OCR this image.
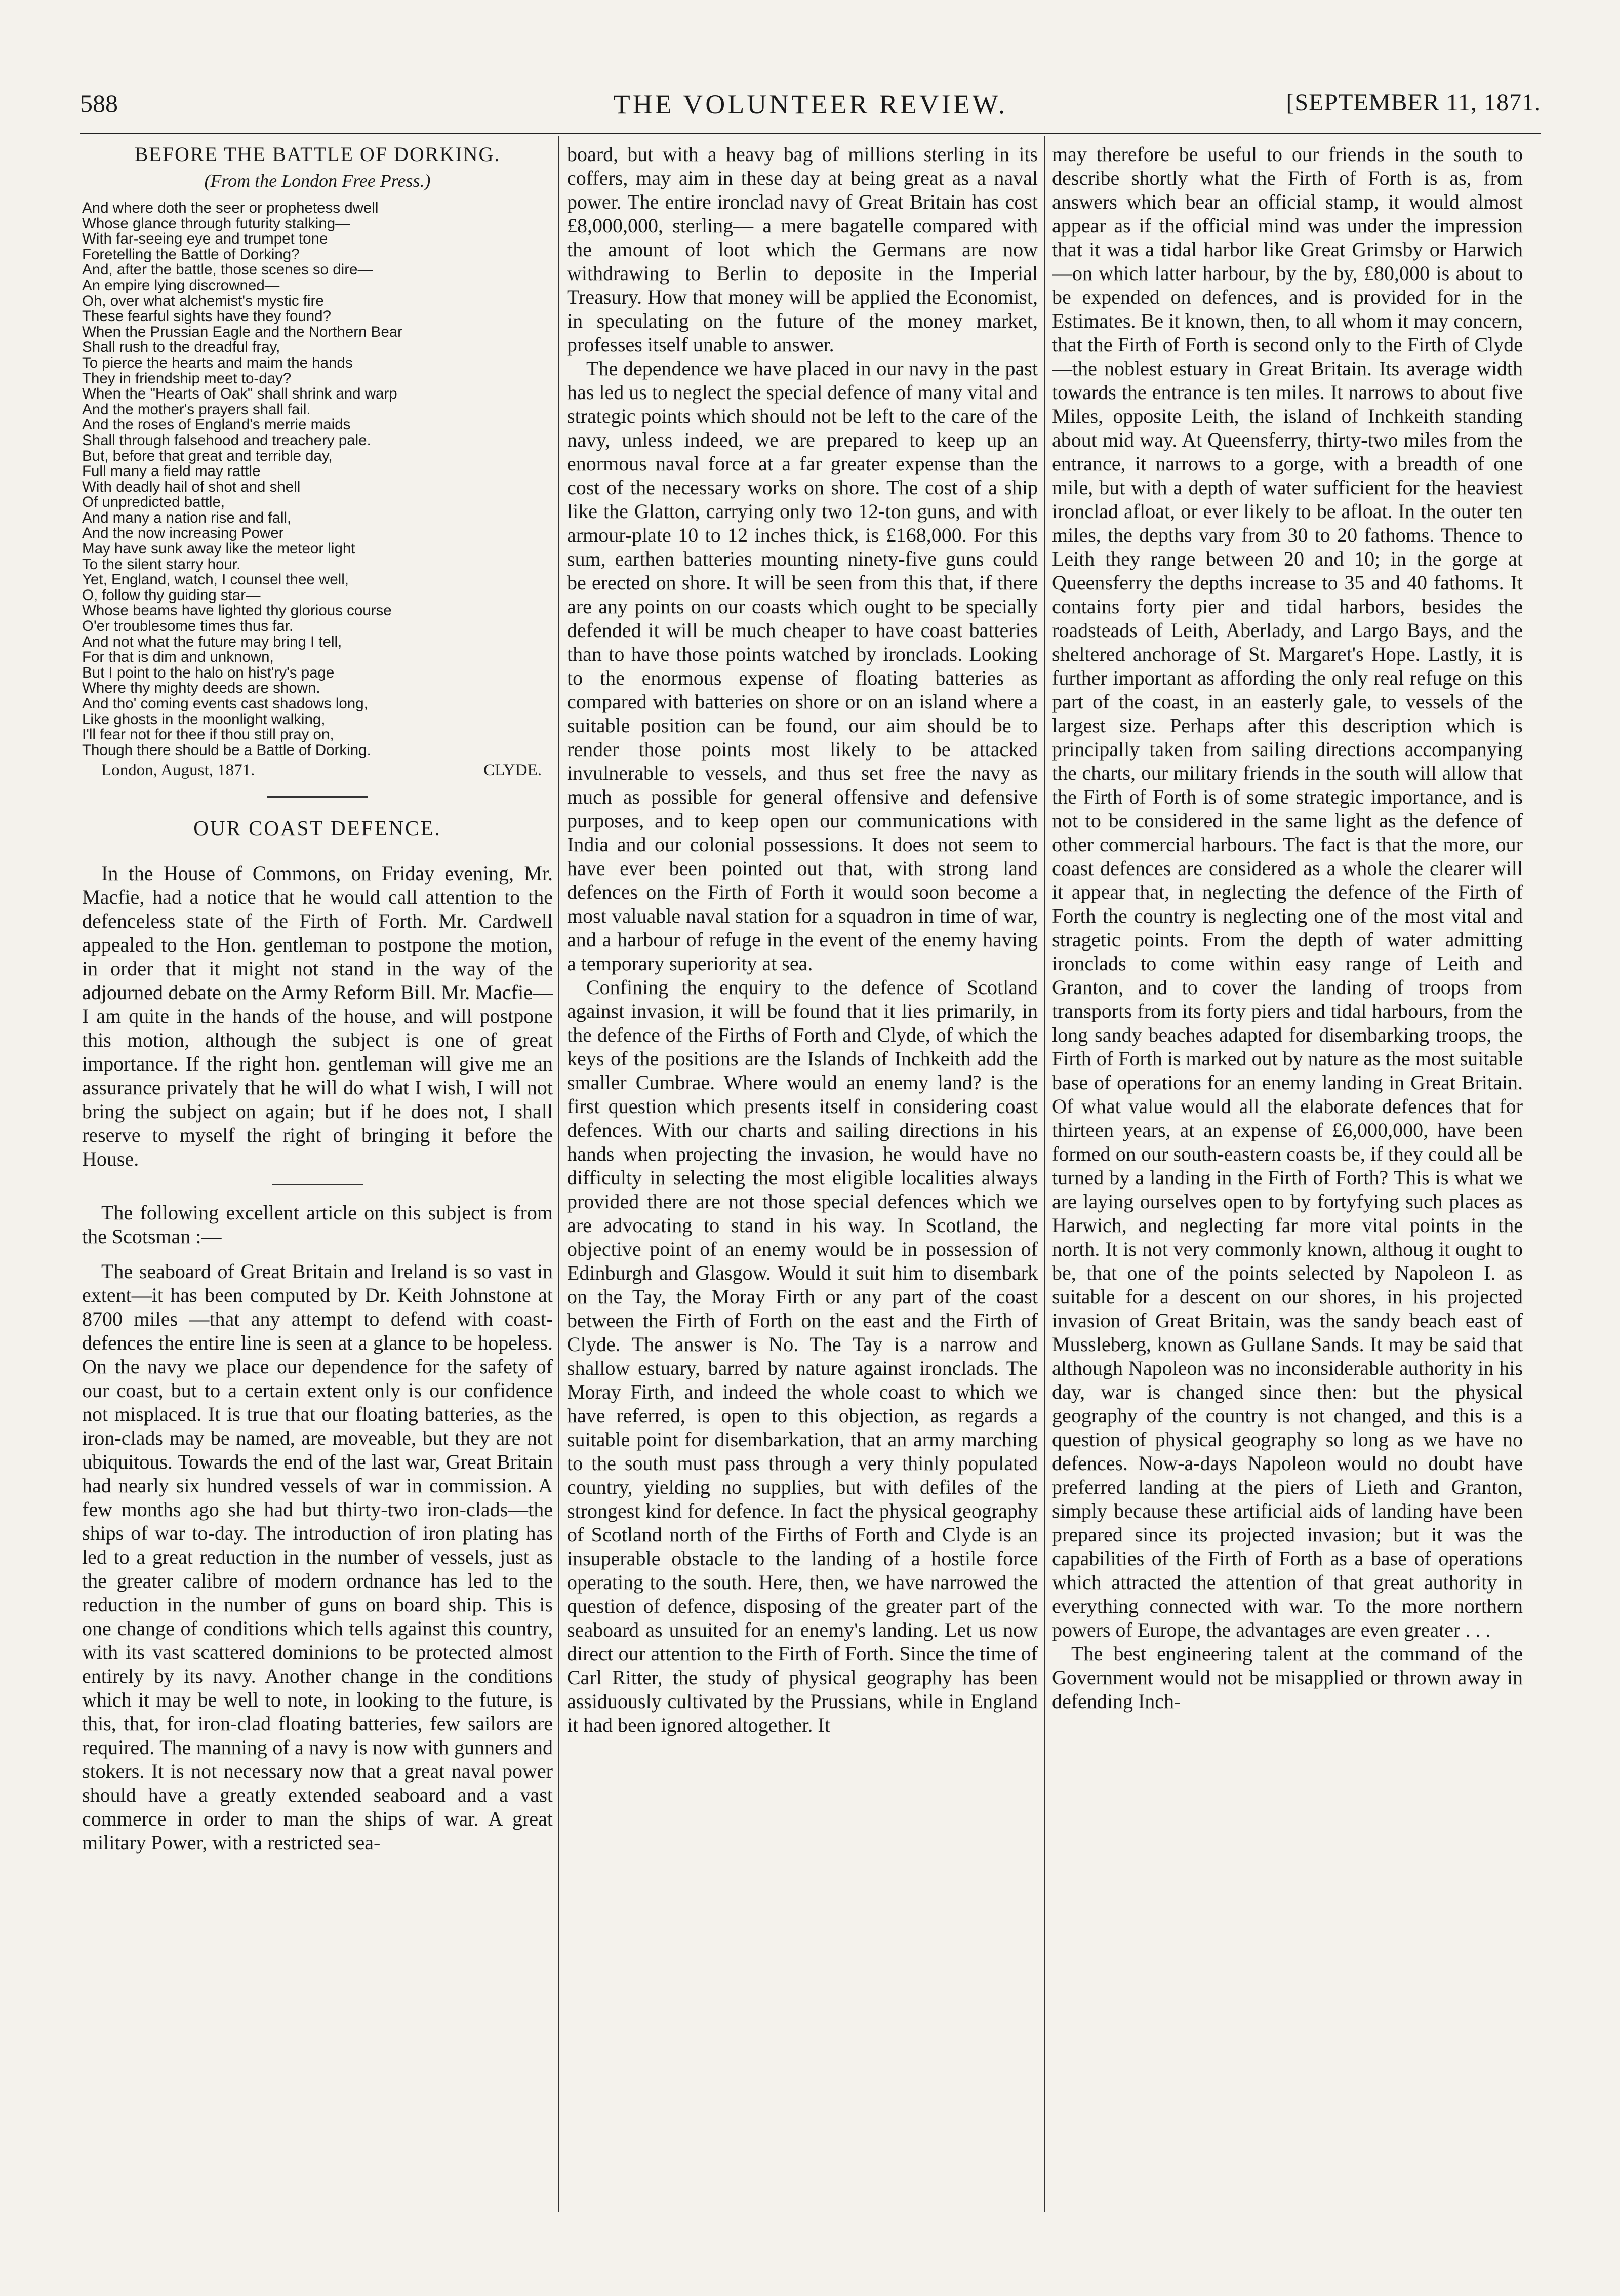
588	THE VOLUNTEER REVIEW.	[SEPTEMBER 11, 1871.
BEFORE THE BATTLE OF DORKING.
(From the London Free Press.)
And where doth the seer or prophetess dwell
Whose glance through futurity stalking—
With far-seeing eye and trumpet tone
Foretelling the Battle of Dorking?
And, after the battle, those scenes so dire—
An empire lying discrowned—
Oh, over what alchemist's mystic fire
These fearful sights have they found?
When the Prussian Eagle and the Northern Bear
Shall rush to the dreadful fray,
To pierce the hearts and maim the hands
They in friendship meet to-day?
When the "Hearts of Oak" shall shrink and warp
And the mother's prayers shall fail.
And the roses of England's merrie maids
Shall through falsehood and treachery pale.
But, before that great and terrible day,
Full many a field may rattle
With deadly hail of shot and shell
Of unpredicted battle,
And many a nation rise and fall,
And the now increasing Power
May have sunk away like the meteor light
To the silent starry hour.
Yet, England, watch, I counsel thee well,
O, follow thy guiding star—
Whose beams have lighted thy glorious course
O'er troublesome times thus far.
And not what the future may bring I tell,
For that is dim and unknown,
But I point to the halo on hist'ry's page
Where thy mighty deeds are shown.
And tho' coming events cast shadows long,
Like ghosts in the moonlight walking,
I'll fear not for thee if thou still pray on,
Though there should be a Battle of Dorking.
London, August, 1871.	CLYDE.
OUR COAST DEFENCE.

In the House of Commons, on Friday evening, Mr. Macfie, had a notice that he would call attention to the defenceless state of the Firth of Forth. Mr. Cardwell appealed to the Hon. gentleman to postpone the motion, in order that it might not stand in the way of the adjourned debate on the Army Reform Bill. Mr. Macfie—I am quite in the hands of the house, and will postpone this motion, although the subject is one of great importance. If the right hon. gentleman will give me an assurance privately that he will do what I wish, I will not bring the subject on again; but if he does not, I shall reserve to myself the right of bringing it before the House.

The following excellent article on this subject is from the Scotsman :—

The seaboard of Great Britain and Ireland is so vast in extent—it has been computed by Dr. Keith Johnstone at 8700 miles —that any attempt to defend with coast-defences the entire line is seen at a glance to be hopeless. On the navy we place our dependence for the safety of our coast, but to a certain extent only is our confidence not misplaced. It is true that our floating batteries, as the iron-clads may be named, are moveable, but they are not ubiquitous. Towards the end of the last war, Great Britain had nearly six hundred vessels of war in commission. A few months ago she had but thirty-two iron-clads—the ships of war to-day. The introduction of iron plating has led to a great reduction in the number of vessels, just as the greater calibre of modern ordnance has led to the reduction in the number of guns on board ship. This is one change of conditions which tells against this country, with its vast scattered dominions to be protected almost entirely by its navy. Another change in the conditions which it may be well to note, in looking to the future, is this, that, for iron-clad floating batteries, few sailors are required. The manning of a navy is now with gunners and stokers. It is not necessary now that a great naval power should have a greatly extended seaboard and a vast commerce in order to man the ships of war. A great military Power, with a restricted sea-

board, but with a heavy bag of millions sterling in its coffers, may aim in these day at being great as a naval power. The entire ironclad navy of Great Britain has cost £8,000,000, sterling— a mere bagatelle compared with the amount of loot which the Germans are now withdrawing to Berlin to deposite in the Imperial Treasury. How that money will be applied the Economist, in speculating on the future of the money market, professes itself unable to answer.

The dependence we have placed in our navy in the past has led us to neglect the special defence of many vital and strategic points which should not be left to the care of the navy, unless indeed, we are prepared to keep up an enormous naval force at a far greater expense than the cost of the necessary works on shore. The cost of a ship like the Glatton, carrying only two 12-ton guns, and with armour-plate 10 to 12 inches thick, is £168,000. For this sum, earthen batteries mounting ninety-five guns could be erected on shore. It will be seen from this that, if there are any points on our coasts which ought to be specially defended it will be much cheaper to have coast batteries than to have those points watched by ironclads. Looking to the enormous expense of floating batteries as compared with batteries on shore or on an island where a suitable position can be found, our aim should be to render those points most likely to be attacked invulnerable to vessels, and thus set free the navy as much as possible for general offensive and defensive purposes, and to keep open our communications with India and our colonial possessions. It does not seem to have ever been pointed out that, with strong land defences on the Firth of Forth it would soon become a most valuable naval station for a squadron in time of war, and a harbour of refuge in the event of the enemy having a temporary superiority at sea.

Confining the enquiry to the defence of Scotland against invasion, it will be found that it lies primarily, in the defence of the Firths of Forth and Clyde, of which the keys of the positions are the Islands of Inchkeith add the smaller Cumbrae. Where would an enemy land? is the first question which presents itself in considering coast defences. With our charts and sailing directions in his hands when projecting the invasion, he would have no difficulty in selecting the most eligible localities always provided there are not those special defences which we are advocating to stand in his way. In Scotland, the objective point of an enemy would be in possession of Edinburgh and Glasgow. Would it suit him to disembark on the Tay, the Moray Firth or any part of the coast between the Firth of Forth on the east and the Firth of Clyde. The answer is No. The Tay is a narrow and shallow estuary, barred by nature against ironclads. The Moray Firth, and indeed the whole coast to which we have referred, is open to this objection, as regards a suitable point for disembarkation, that an army marching to the south must pass through a very thinly populated country, yielding no supplies, but with defiles of the strongest kind for defence. In fact the physical geography of Scotland north of the Firths of Forth and Clyde is an insuperable obstacle to the landing of a hostile force operating to the south. Here, then, we have narrowed the question of defence, disposing of the greater part of the seaboard as unsuited for an enemy's landing. Let us now direct our attention to the Firth of Forth. Since the time of Carl Ritter, the study of physical geography has been assiduously cultivated by the Prussians, while in England it had been ignored altogether. It

may therefore be useful to our friends in the south to describe shortly what the Firth of Forth is as, from answers which bear an official stamp, it would almost appear as if the official mind was under the impression that it was a tidal harbor like Great Grimsby or Harwich—on which latter harbour, by the by, £80,000 is about to be expended on defences, and is provided for in the Estimates. Be it known, then, to all whom it may concern, that the Firth of Forth is second only to the Firth of Clyde—the noblest estuary in Great Britain. Its average width towards the entrance is ten miles. It narrows to about five Miles, opposite Leith, the island of Inchkeith standing about mid way. At Queensferry, thirty-two miles from the entrance, it narrows to a gorge, with a breadth of one mile, but with a depth of water sufficient for the heaviest ironclad afloat, or ever likely to be afloat. In the outer ten miles, the depths vary from 30 to 20 fathoms. Thence to Leith they range between 20 and 10; in the gorge at Queensferry the depths increase to 35 and 40 fathoms. It contains forty pier and tidal harbors, besides the roadsteads of Leith, Aberlady, and Largo Bays, and the sheltered anchorage of St. Margaret's Hope. Lastly, it is further important as affording the only real refuge on this part of the coast, in an easterly gale, to vessels of the largest size. Perhaps after this description which is principally taken from sailing directions accompanying the charts, our military friends in the south will allow that the Firth of Forth is of some strategic importance, and is not to be considered in the same light as the defence of other commercial harbours. The fact is that the more, our coast defences are considered as a whole the clearer will it appear that, in neglecting the defence of the Firth of Forth the country is neglecting one of the most vital and stragetic points. From the depth of water admitting ironclads to come within easy range of Leith and Granton, and to cover the landing of troops from transports from its forty piers and tidal harbours, from the long sandy beaches adapted for disembarking troops, the Firth of Forth is marked out by nature as the most suitable base of operations for an enemy landing in Great Britain. Of what value would all the elaborate defences that for thirteen years, at an expense of £6,000,000, have been formed on our south-eastern coasts be, if they could all be turned by a landing in the Firth of Forth? This is what we are laying ourselves open to by fortyfying such places as Harwich, and neglecting far more vital points in the north. It is not very commonly known, althoug it ought to be, that one of the points selected by Napoleon I. as suitable for a descent on our shores, in his projected invasion of Great Britain, was the sandy beach east of Mussleberg, known as Gullane Sands. It may be said that although Napoleon was no inconsiderable authority in his day, war is changed since then: but the physical geography of the country is not changed, and this is a question of physical geography so long as we have no defences. Now-a-days Napoleon would no doubt have preferred landing at the piers of Lieth and Granton, simply because these artificial aids of landing have been prepared since its projected invasion; but it was the capabilities of the Firth of Forth as a base of operations which attracted the attention of that great authority in everything connected with war. To the more northern powers of Europe, the advantages are even greater . . .

The best engineering talent at the command of the Government would not be misapplied or thrown away in defending Inch-
